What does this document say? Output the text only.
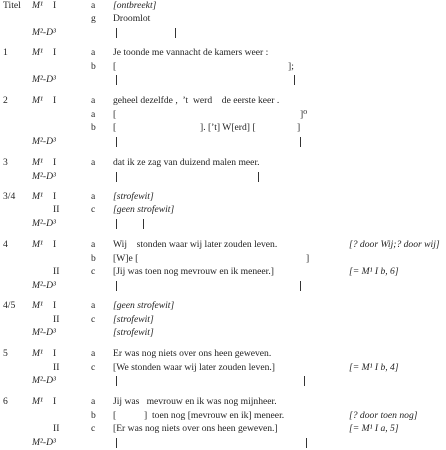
Titel M¹ I	a [ontbreekt]
g Droomlot
M²-D³
1	M¹ I	a Je toonde me vannacht de kamers weer :
b [	];
M²-D³
2	M¹ I	a geheel dezelfde ,  ’t  werd    de eerste keer .
a [	]⁰
b [	]. [’t] W[erd] [	]
M²-D³
3	M¹ I	a dat ik ze zag van duizend malen meer.
M²-D³
3/4 M¹ I	a [strofewit]
II	c [geen strofewit]
M²-D³
4	M¹ I	a Wij    stonden waar wij later zouden leven.	[? door Wij;? door wij]
b [W]e [	]
II	c [Jij was toen nog mevrouw en ik meneer.]	[= M¹ I b, 6]
M²-D³
4/5 M¹ I	a [geen strofewit]
II	c [strofewit]
M²-D³	[strofewit]
5	M¹ I	a Er was nog niets over ons heen geweven.
II	c [We stonden waar wij later zouden leven.]	[= M¹ I b, 4]
M²-D³
6	M¹ I	a Jij was   mevrouw en ik was nog mijnheer.
b [	]  toen nog [mevrouw en ik] meneer.	[? door toen nog]
II	c [Er was nog niets over ons heen geweven.]	[= M¹ I a, 5]
M²-D³
